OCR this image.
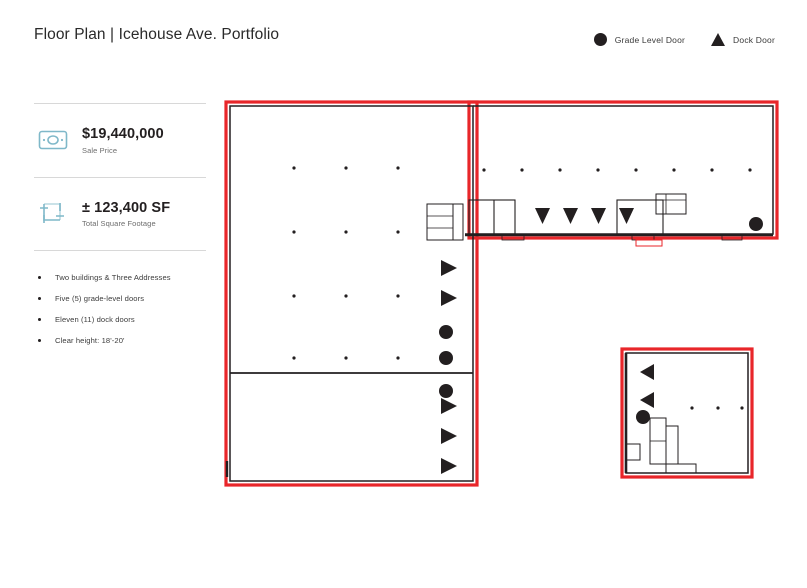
Floor Plan | Icehouse Ave. Portfolio	Grade Level Door	Dock Door
$19,440,000
Sale Price
± 123,400 SF
Total Square Footage
Two buildings & Three Addresses
Five (5) grade-level doors
Eleven (11) dock doors
Clear height: 18'-20'
